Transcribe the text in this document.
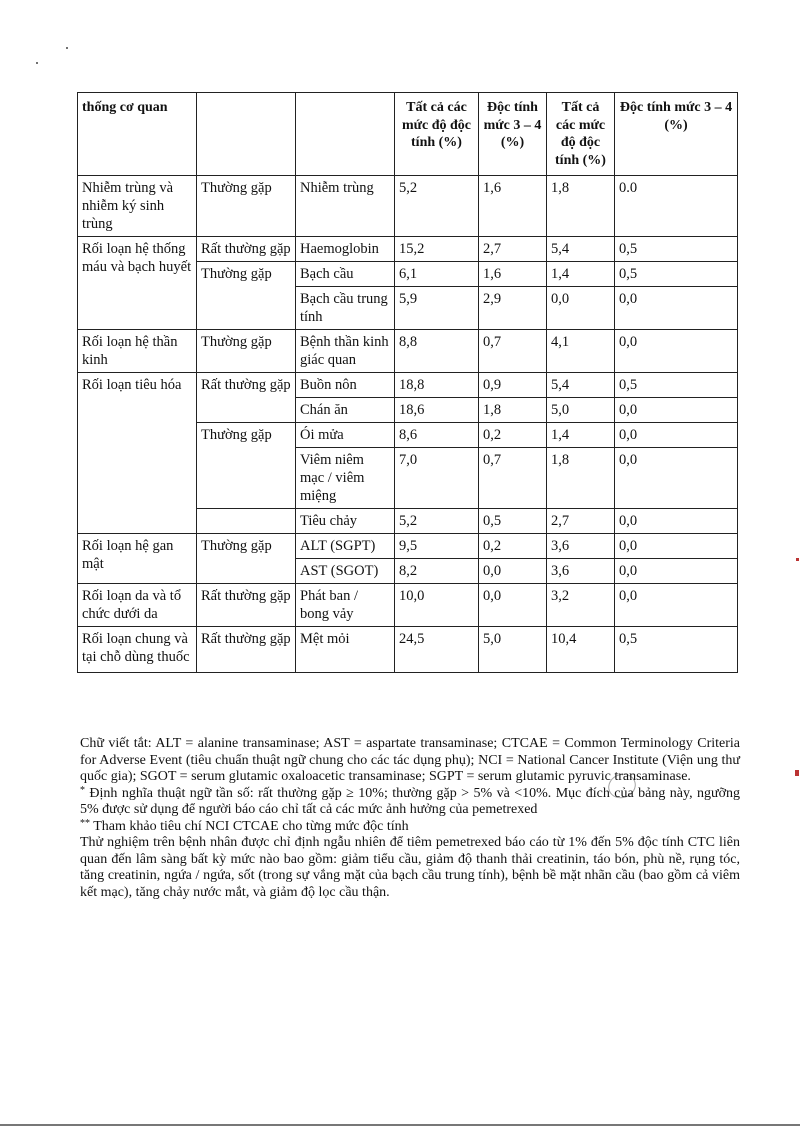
thống cơ quan			Tất cả các mức độ độc tính (%)	Độc tính mức 3 – 4 (%)	Tất cả các mức độ độc tính (%)	Độc tính mức 3 – 4 (%)
Nhiễm trùng và nhiễm ký sinh trùng	Thường gặp	Nhiễm trùng	5,2	1,6	1,8	0.0
Rối loạn hệ thống máu và bạch huyết	Rất thường gặp	Haemoglobin	15,2	2,7	5,4	0,5
	Thường gặp	Bạch cầu	6,1	1,6	1,4	0,5
		Bạch cầu trung tính	5,9	2,9	0,0	0,0
Rối loạn hệ thần kinh	Thường gặp	Bệnh thần kinh giác quan	8,8	0,7	4,1	0,0
Rối loạn tiêu hóa	Rất thường gặp	Buồn nôn	18,8	0,9	5,4	0,5
		Chán ăn	18,6	1,8	5,0	0,0
	Thường gặp	Ói mửa	8,6	0,2	1,4	0,0
		Viêm niêm mạc / viêm miệng	7,0	0,7	1,8	0,0
		Tiêu chảy	5,2	0,5	2,7	0,0
Rối loạn hệ gan mật	Thường gặp	ALT (SGPT)	9,5	0,2	3,6	0,0
		AST (SGOT)	8,2	0,0	3,6	0,0
Rối loạn da và tổ chức dưới da	Rất thường gặp	Phát ban / bong vảy	10,0	0,0	3,2	0,0
Rối loạn chung và tại chỗ dùng thuốc	Rất thường gặp	Mệt mỏi	24,5	5,0	10,4	0,5

Chữ viết tắt: ALT = alanine transaminase; AST = aspartate transaminase; CTCAE = Common Terminology Criteria for Adverse Event (tiêu chuẩn thuật ngữ chung cho các tác dụng phụ); NCI = National Cancer Institute (Viện ung thư quốc gia); SGOT = serum glutamic oxaloacetic transaminase; SGPT = serum glutamic pyruvic transaminase.

* Định nghĩa thuật ngữ tần số: rất thường gặp ≥ 10%; thường gặp > 5% và <10%. Mục đích của bảng này, ngưỡng 5% được sử dụng để người báo cáo chỉ tất cả các mức ảnh hưởng của pemetrexed

** Tham khảo tiêu chí NCI CTCAE cho từng mức độc tính

Thử nghiệm trên bệnh nhân được chỉ định ngẫu nhiên để tiêm pemetrexed báo cáo từ 1% đến 5% độc tính CTC liên quan đến lâm sàng bất kỳ mức nào bao gồm: giảm tiểu cầu, giảm độ thanh thải creatinin, táo bón, phù nề, rụng tóc, tăng creatinin, ngứa / ngứa, sốt (trong sự vắng mặt của bạch cầu trung tính), bệnh bề mặt nhãn cầu (bao gồm cả viêm kết mạc), tăng chảy nước mắt, và giảm độ lọc cầu thận.
